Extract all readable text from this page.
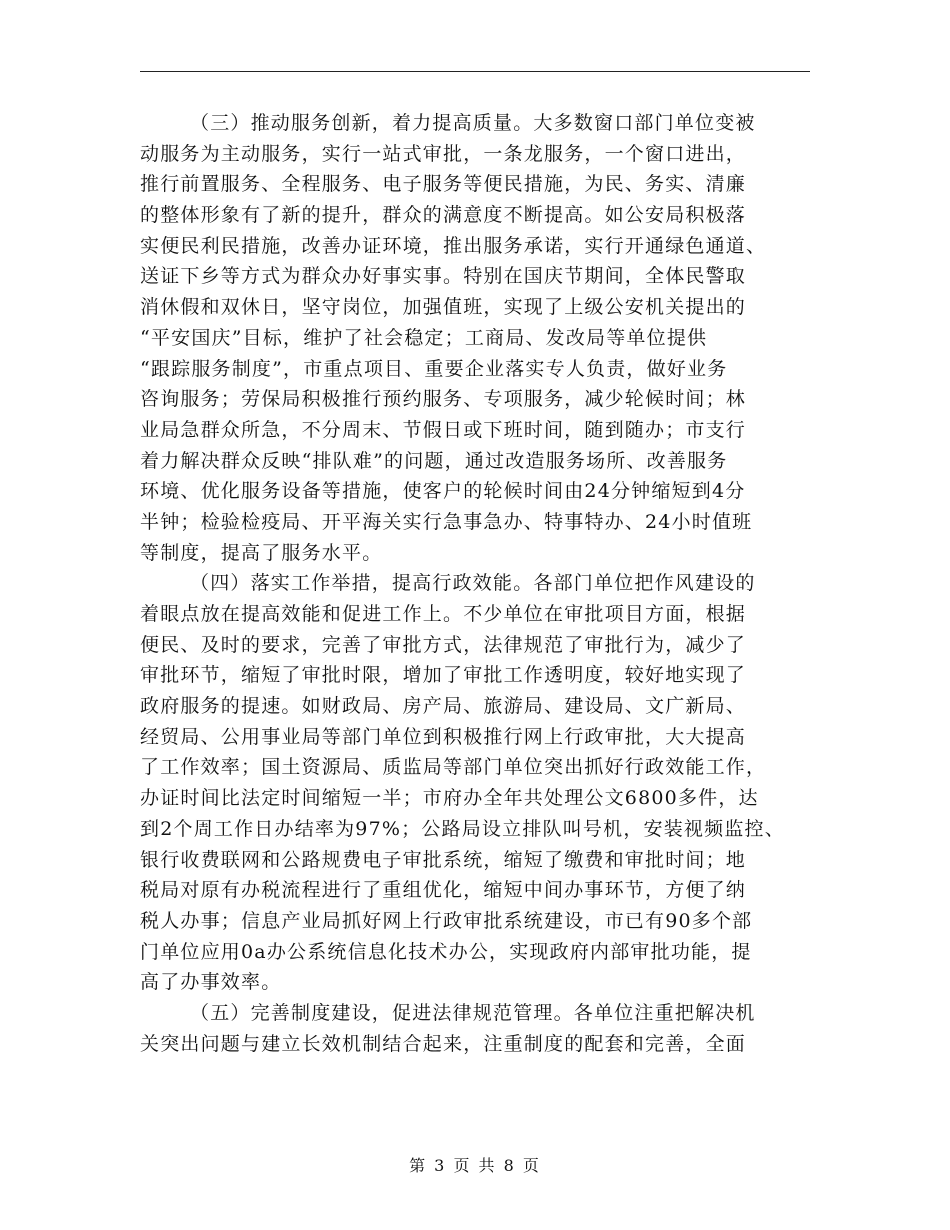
（三）推动服务创新，着力提高质量。大多数窗口部门单位变被
动服务为主动服务，实行一站式审批，一条龙服务，一个窗口进出，
推行前置服务、全程服务、电子服务等便民措施，为民、务实、清廉
的整体形象有了新的提升，群众的满意度不断提高。如公安局积极落
实便民利民措施，改善办证环境，推出服务承诺，实行开通绿色通道、
送证下乡等方式为群众办好事实事。特别在国庆节期间，全体民警取
消休假和双休日，坚守岗位，加强值班，实现了上级公安机关提出的
“平安国庆”目标，维护了社会稳定；工商局、发改局等单位提供
“跟踪服务制度”，市重点项目、重要企业落实专人负责，做好业务
咨询服务；劳保局积极推行预约服务、专项服务，减少轮候时间；林
业局急群众所急，不分周末、节假日或下班时间，随到随办；市支行
着力解决群众反映“排队难”的问题，通过改造服务场所、改善服务
环境、优化服务设备等措施，使客户的轮候时间由24分钟缩短到4分
半钟；检验检疫局、开平海关实行急事急办、特事特办、24小时值班
等制度，提高了服务水平。
（四）落实工作举措，提高行政效能。各部门单位把作风建设的
着眼点放在提高效能和促进工作上。不少单位在审批项目方面，根据
便民、及时的要求，完善了审批方式，法律规范了审批行为，减少了
审批环节，缩短了审批时限，增加了审批工作透明度，较好地实现了
政府服务的提速。如财政局、房产局、旅游局、建设局、文广新局、
经贸局、公用事业局等部门单位到积极推行网上行政审批，大大提高
了工作效率；国土资源局、质监局等部门单位突出抓好行政效能工作，
办证时间比法定时间缩短一半；市府办全年共处理公文6800多件，达
到2个周工作日办结率为97%；公路局设立排队叫号机，安装视频监控、
银行收费联网和公路规费电子审批系统，缩短了缴费和审批时间；地
税局对原有办税流程进行了重组优化，缩短中间办事环节，方便了纳
税人办事；信息产业局抓好网上行政审批系统建设，市已有90多个部
门单位应用0a办公系统信息化技术办公，实现政府内部审批功能，提
高了办事效率。
（五）完善制度建设，促进法律规范管理。各单位注重把解决机
关突出问题与建立长效机制结合起来，注重制度的配套和完善，全面
第 3 页 共 8 页
